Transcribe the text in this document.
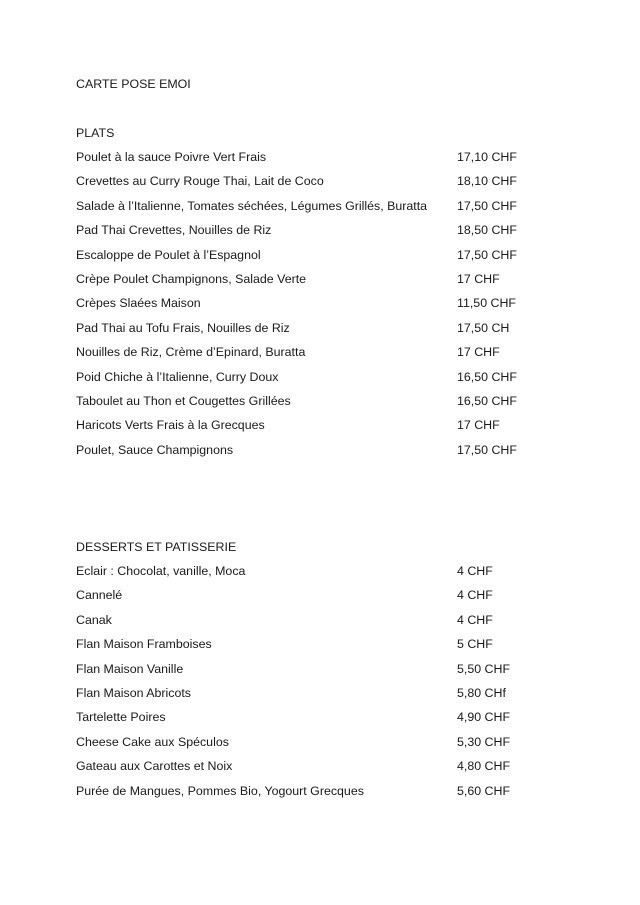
CARTE POSE EMOI
PLATS
Poulet à la sauce Poivre Vert Frais	17,10 CHF
Crevettes au Curry Rouge Thai, Lait de Coco	18,10 CHF
Salade à l’Italienne, Tomates séchées, Légumes Grillés, Buratta 17,50 CHF
Pad Thai Crevettes, Nouilles de Riz	18,50 CHF
Escaloppe de Poulet à l’Espagnol	17,50 CHF
Crèpe Poulet Champignons, Salade Verte	17 CHF
Crèpes Slaées Maison	11,50 CHF
Pad Thai au Tofu Frais, Nouilles de Riz	17,50 CH
Nouilles de Riz, Crème d’Epinard, Buratta	17 CHF
Poid Chiche à l’Italienne, Curry Doux	16,50 CHF
Taboulet au Thon et Cougettes Grillées	16,50 CHF
Haricots Verts Frais à la Grecques	17 CHF
Poulet, Sauce Champignons	17,50 CHF
DESSERTS ET PATISSERIE
Eclair : Chocolat, vanille, Moca	4 CHF
Cannelé	4 CHF
Canak	4 CHF
Flan Maison Framboises	5 CHF
Flan Maison Vanille	5,50 CHF
Flan Maison Abricots	5,80 CHf
Tartelette Poires	4,90 CHF
Cheese Cake aux Spéculos	5,30 CHF
Gateau aux Carottes et Noix	4,80 CHF
Purée de Mangues, Pommes Bio, Yogourt Grecques	5,60 CHF
